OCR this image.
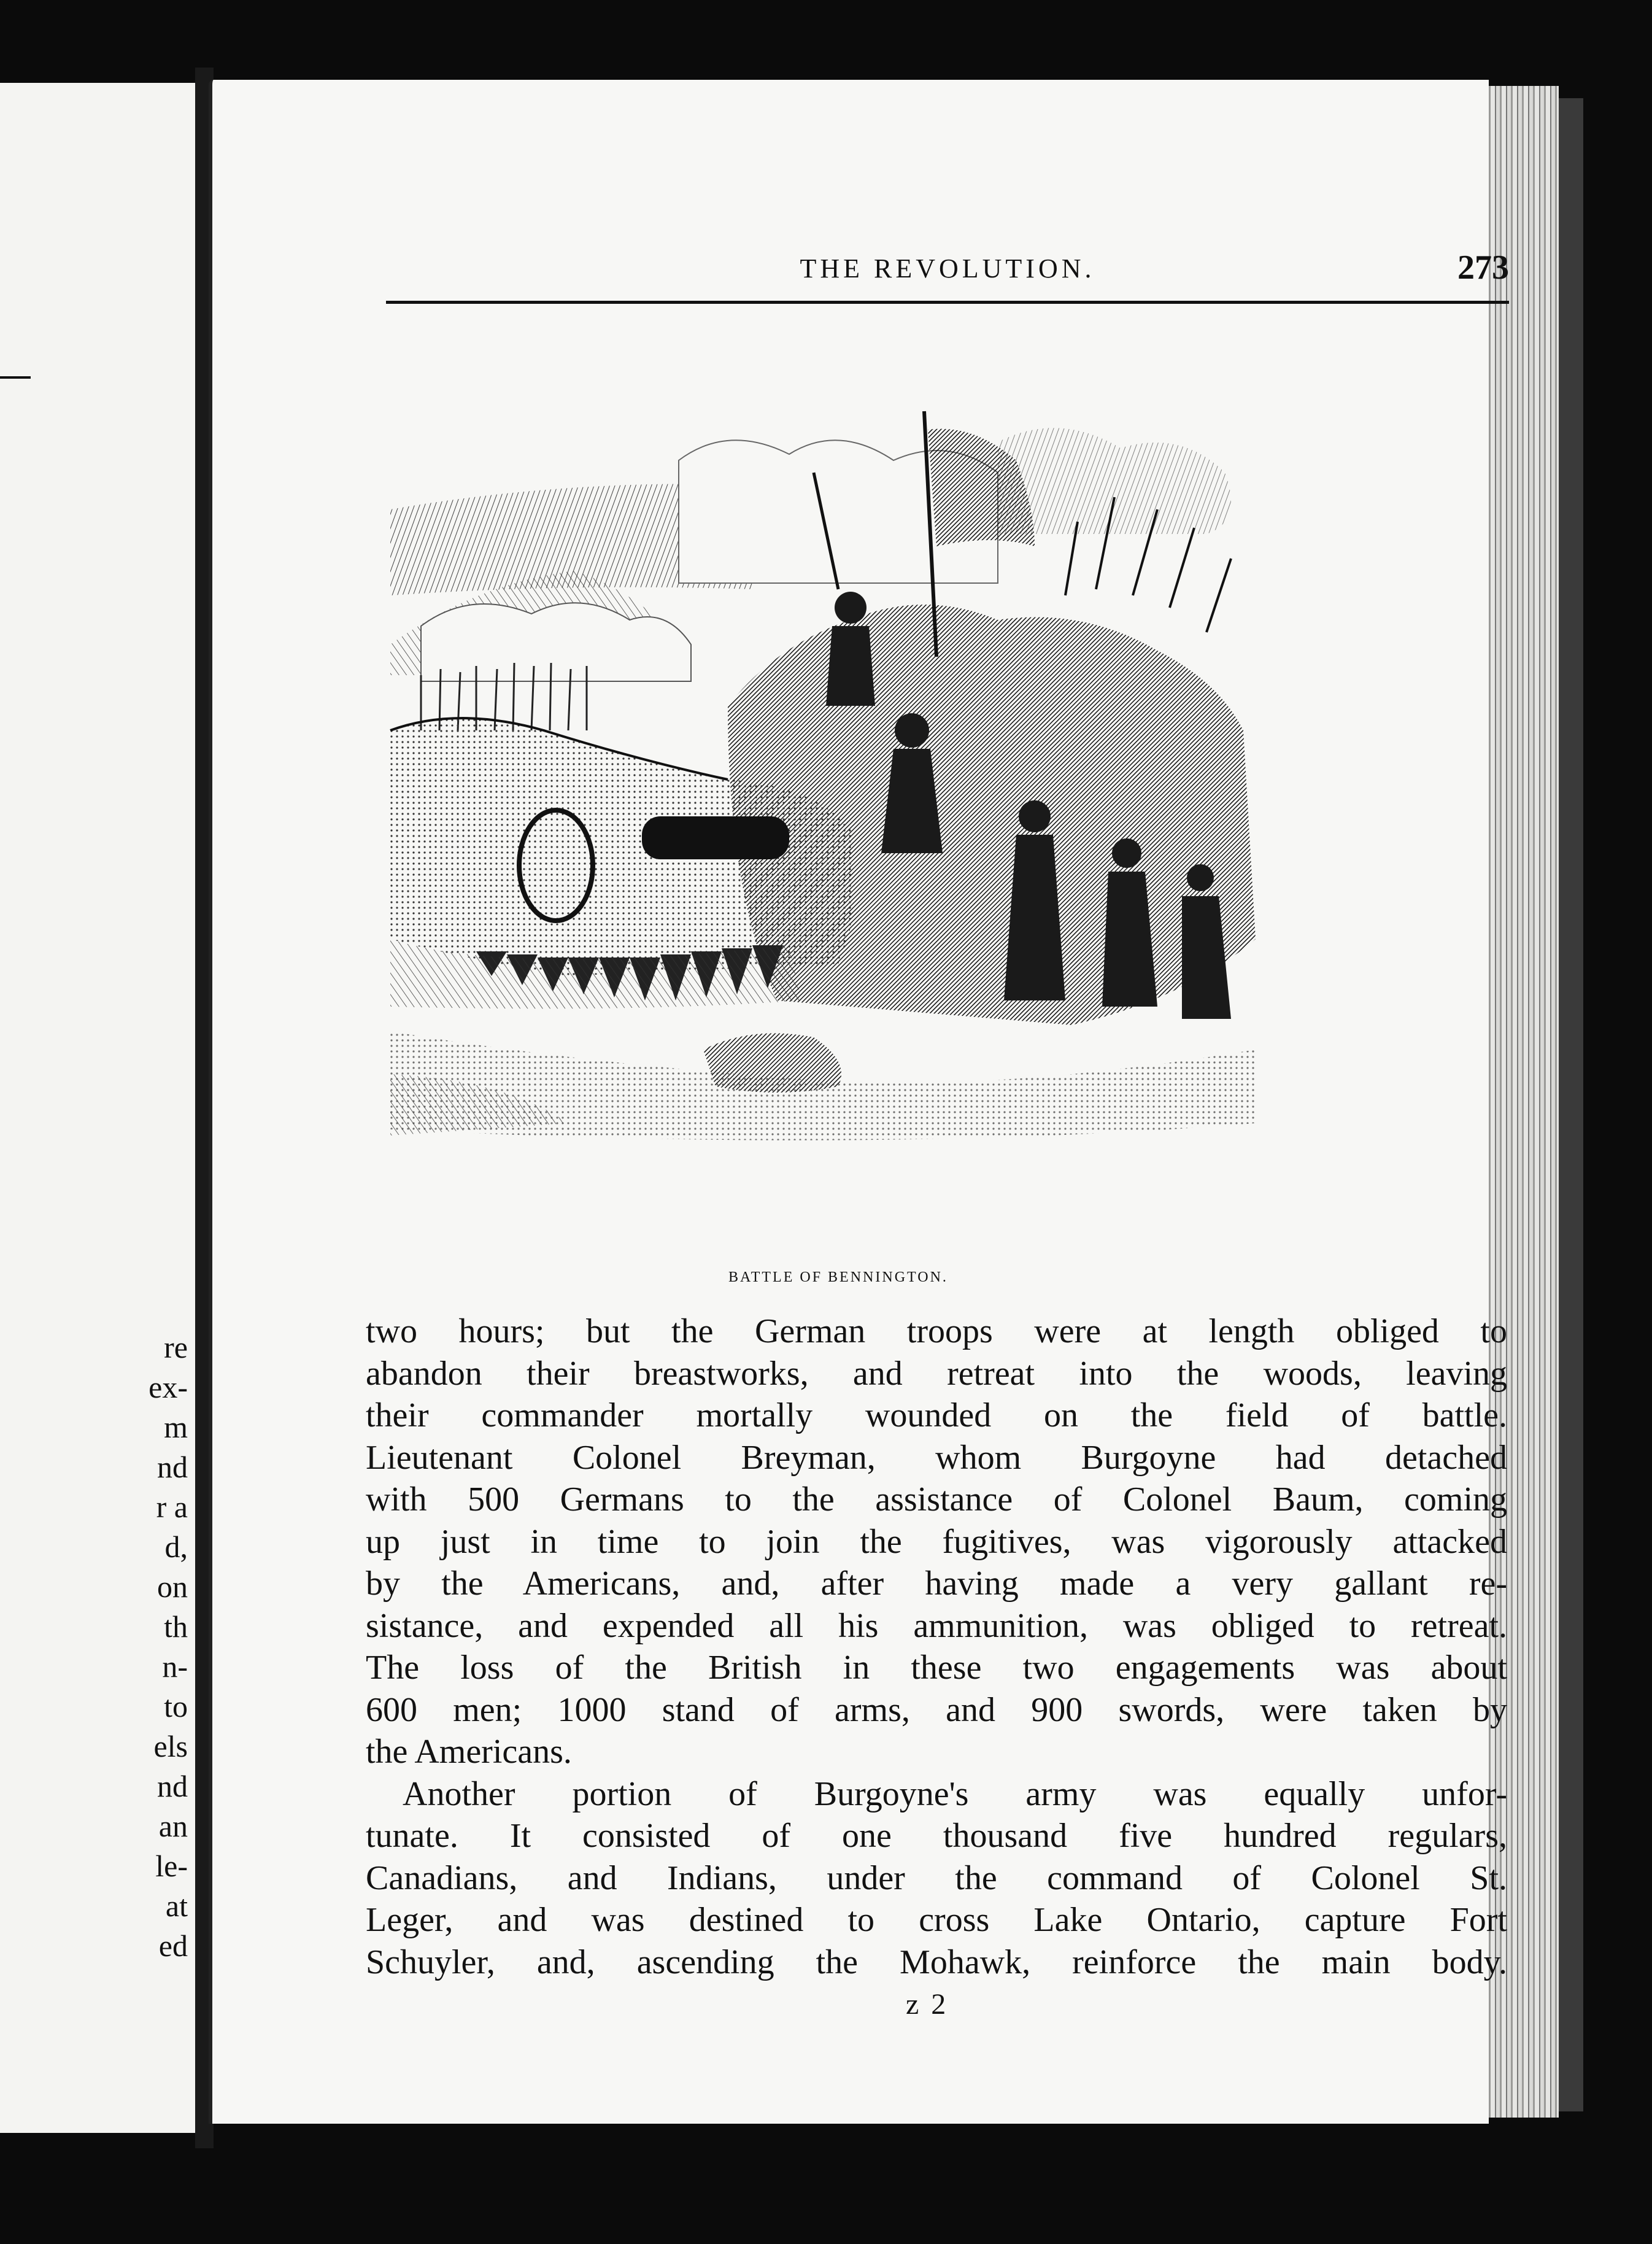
re
ex-
m
nd
r a
d,
on
th
n-
to
els
nd
an
le-
at
ed
THE REVOLUTION.	273
BATTLE OF BENNINGTON.

two hours; but the German troops were at length obliged to
abandon their breastworks, and retreat into the woods, leaving
their commander mortally wounded on the field of battle.
Lieutenant Colonel Breyman, whom Burgoyne had detached
with 500 Germans to the assistance of Colonel Baum, coming
up just in time to join the fugitives, was vigorously attacked
by the Americans, and, after having made a very gallant re-
sistance, and expended all his ammunition, was obliged to retreat.
The loss of the British in these two engagements was about
600 men; 1000 stand of arms, and 900 swords, were taken by
the Americans.

Another portion of Burgoyne's army was equally unfor-
tunate. It consisted of one thousand five hundred regulars,
Canadians, and Indians, under the command of Colonel St.
Leger, and was destined to cross Lake Ontario, capture Fort
Schuyler, and, ascending the Mohawk, reinforce the main body.

z 2
